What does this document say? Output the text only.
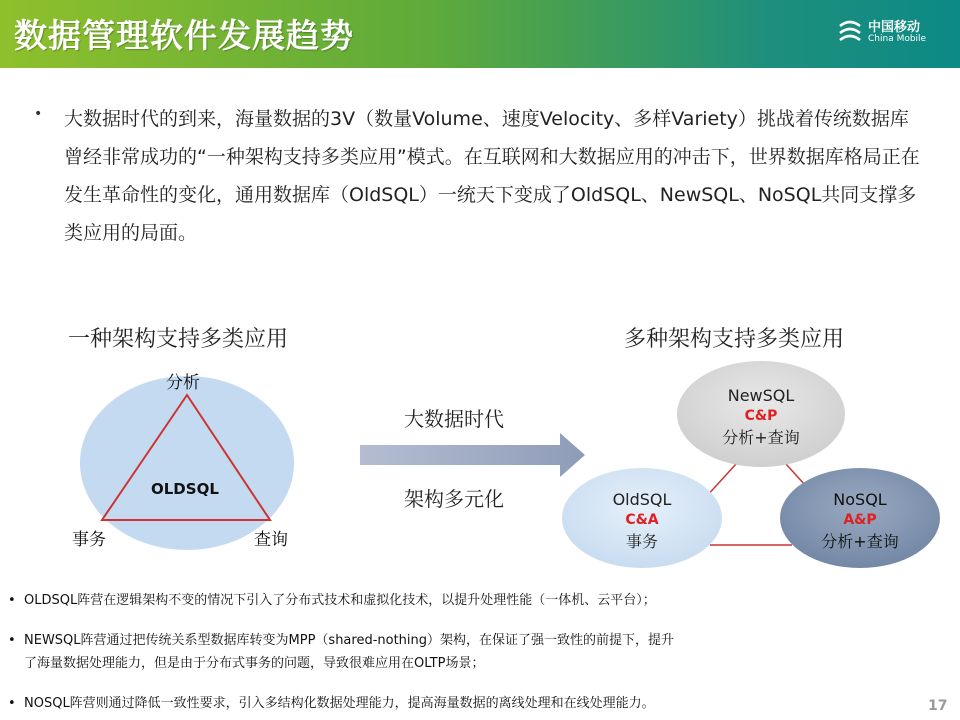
数据管理软件发展趋势	中国移动
China Mobile
• 大数据时代的到来，海量数据的3V（数量Volume、速度Velocity、多样Variety）挑战着传统数据库曾经非常成功的“一种架构支持多类应用”模式。在互联网和大数据应用的冲击下，世界数据库格局正在发生革命性的变化，通用数据库（OldSQL）一统天下变成了OldSQL、NewSQL、NoSQL共同支撑多类应用的局面。
一种架构支持多类应用
分析
OLDSQL
事务	查询
大数据时代
架构多元化
多种架构支持多类应用
NewSQL
C&P
分析+查询
OldSQL
C&A
事务
NoSQL
A&P
分析+查询
• OLDSQL阵营在逻辑架构不变的情况下引入了分布式技术和虚拟化技术，以提升处理性能（一体机、云平台）；
• NEWSQL阵营通过把传统关系型数据库转变为MPP（shared-nothing）架构，在保证了强一致性的前提下，提升
了海量数据处理能力，但是由于分布式事务的问题，导致很难应用在OLTP场景；
• NOSQL阵营则通过降低一致性要求，引入多结构化数据处理能力，提高海量数据的离线处理和在线处理能力。	17
